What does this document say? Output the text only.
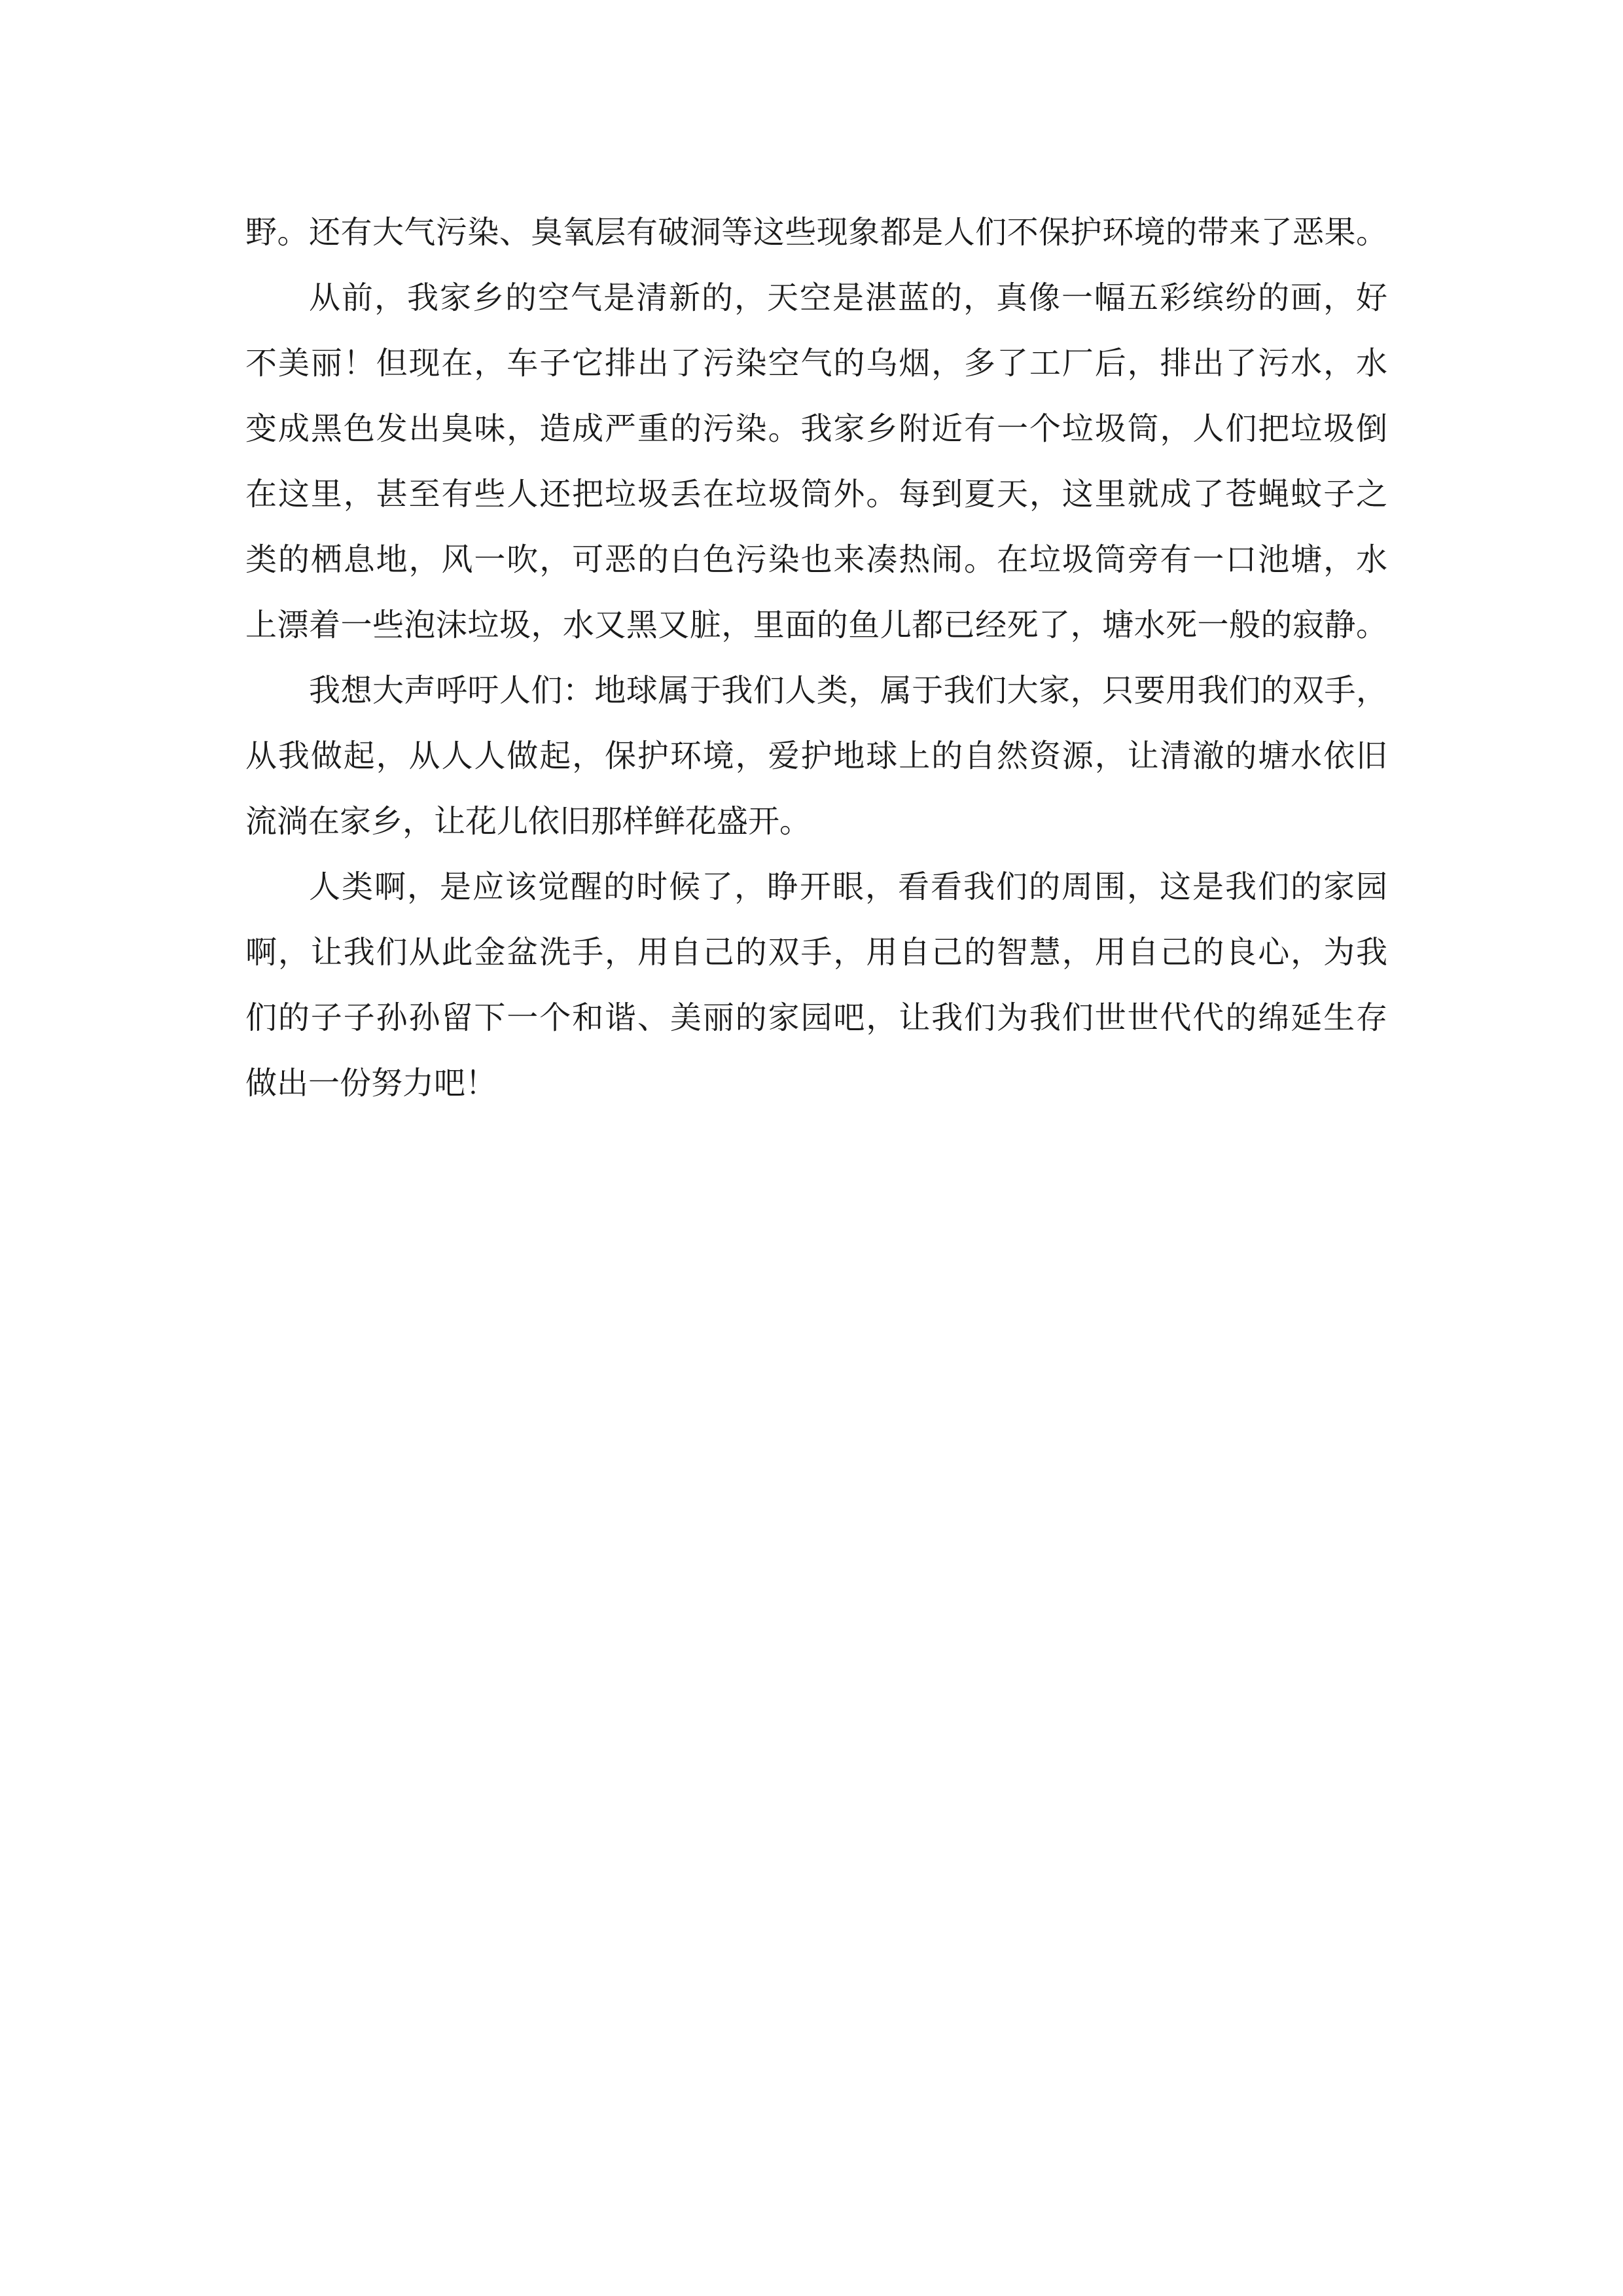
野。还有大气污染、臭氧层有破洞等这些现象都是人们不保护环境的带来了恶果。
从前，我家乡的空气是清新的，天空是湛蓝的，真像一幅五彩缤纷的画，好
不美丽！但现在，车子它排出了污染空气的乌烟，多了工厂后，排出了污水，水
变成黑色发出臭味，造成严重的污染。我家乡附近有一个垃圾筒，人们把垃圾倒
在这里，甚至有些人还把垃圾丢在垃圾筒外。每到夏天，这里就成了苍蝇蚊子之
类的栖息地，风一吹，可恶的白色污染也来凑热闹。在垃圾筒旁有一口池塘，水
上漂着一些泡沫垃圾，水又黑又脏，里面的鱼儿都已经死了，塘水死一般的寂静。
我想大声呼吁人们：地球属于我们人类，属于我们大家，只要用我们的双手，
从我做起，从人人做起，保护环境，爱护地球上的自然资源，让清澈的塘水依旧
流淌在家乡，让花儿依旧那样鲜花盛开。
人类啊，是应该觉醒的时候了，睁开眼，看看我们的周围，这是我们的家园
啊，让我们从此金盆洗手，用自己的双手，用自己的智慧，用自己的良心，为我
们的子子孙孙留下一个和谐、美丽的家园吧，让我们为我们世世代代的绵延生存
做出一份努力吧！
